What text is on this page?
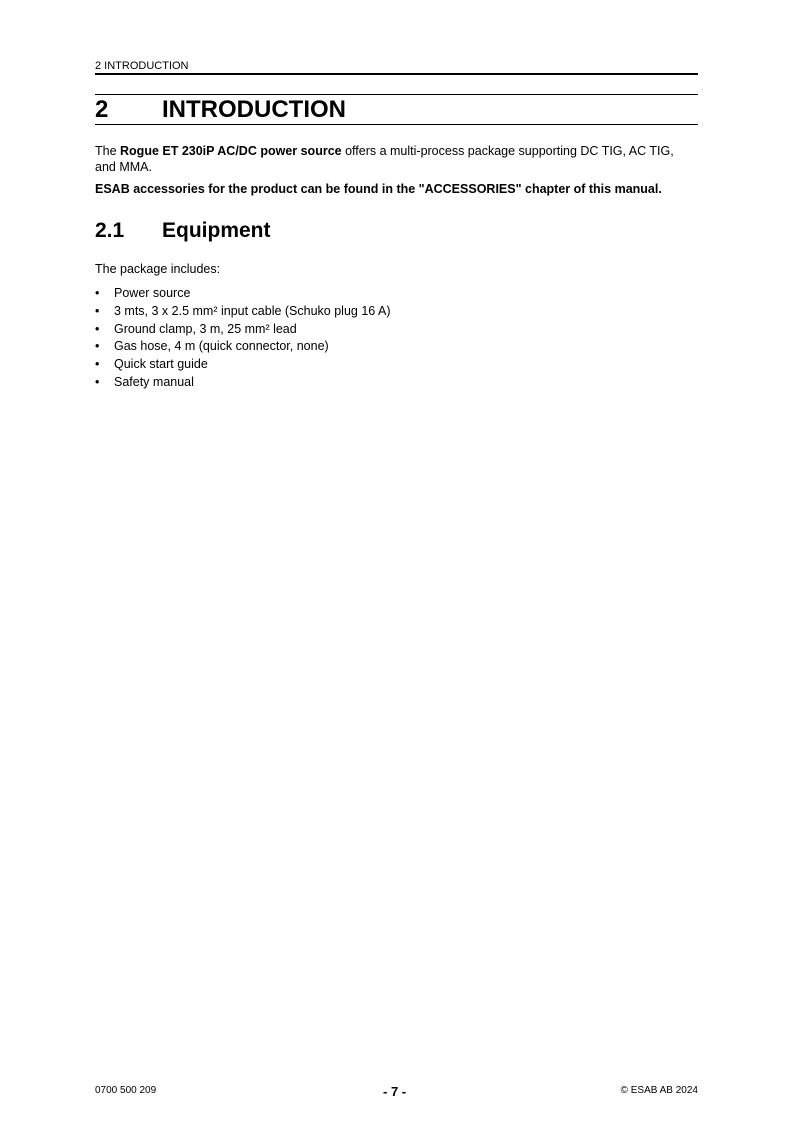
2 INTRODUCTION
2 INTRODUCTION

The Rogue ET 230iP AC/DC power source offers a multi-process package supporting DC TIG, AC TIG, and MMA.

ESAB accessories for the product can be found in the "ACCESSORIES" chapter of this manual.

2.1 Equipment

The package includes:

• Power source
• 3 mts, 3 x 2.5 mm² input cable (Schuko plug 16 A)
• Ground clamp, 3 m, 25 mm² lead
• Gas hose, 4 m (quick connector, none)
• Quick start guide
• Safety manual
0700 500 209	- 7 -	© ESAB AB 2024
